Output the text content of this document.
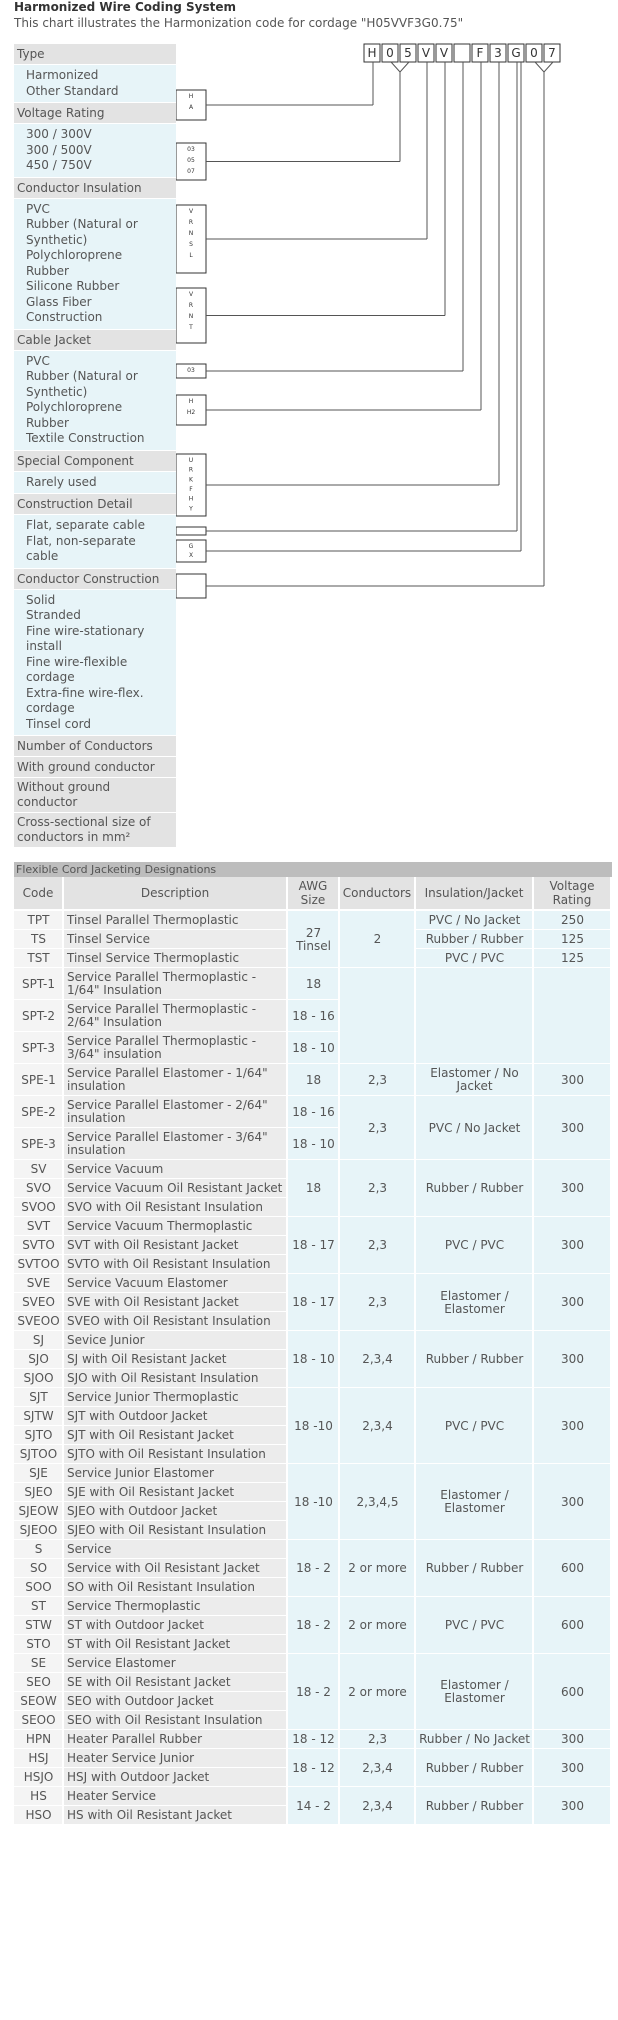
Harmonized Wire Coding System
This chart illustrates the Harmonization code for cordage "H05VVF3G0.75"
Type
Harmonized
Other Standard
Voltage Rating
300 / 300V
300 / 500V
450 / 750V
Conductor Insulation
PVC
Rubber (Natural or
Synthetic)
Polychloroprene
Rubber
Silicone Rubber
Glass Fiber
Construction
Cable Jacket
PVC
Rubber (Natural or
Synthetic)
Polychloroprene
Rubber
Textile Construction
Special Component
Rarely used
Construction Detail
Flat, separate cable
Flat, non-separate
cable
Conductor Construction
Solid
Stranded
Fine wire-stationary
install
Fine wire-flexible
cordage
Extra-fine wire-flex.
cordage
Tinsel cord
Number of Conductors
With ground conductor
Without ground conductor
Cross-sectional size of conductors in mm²
H 0 5 V V F 3 G 0 7
H
A
03
05
07
V
R
N
S
L
V
R
N
T
03
H
H2
U
R
K
F
H
Y
G
X
Flexible Cord Jacketing Designations
Code	Description	AWG Size	Conductors	Insulation/Jacket	Voltage Rating
TPT	Tinsel Parallel Thermoplastic	27 Tinsel	2	PVC / No Jacket	250
TS	Tinsel Service			Rubber / Rubber	125
TST	Tinsel Service Thermoplastic			PVC / PVC	125
SPT-1	Service Parallel Thermoplastic - 1/64" Insulation	18			
SPT-2	Service Parallel Thermoplastic - 2/64" Insulation	18 - 16			
SPT-3	Service Parallel Thermoplastic - 3/64" insulation	18 - 10			
SPE-1	Service Parallel Elastomer - 1/64" insulation	18	2,3	Elastomer / No Jacket	300
SPE-2	Service Parallel Elastomer - 2/64" insulation	18 - 16	2,3	PVC / No Jacket	300
SPE-3	Service Parallel Elastomer - 3/64" insulation	18 - 10			
SV	Service Vacuum	18	2,3	Rubber / Rubber	300
SVO	Service Vacuum Oil Resistant Jacket				
SVOO	SVO with Oil Resistant Insulation				
SVT	Service Vacuum Thermoplastic	18 - 17	2,3	PVC / PVC	300
SVTO	SVT with Oil Resistant Jacket				
SVTOO	SVTO with Oil Resistant Insulation				
SVE	Service Vacuum Elastomer	18 - 17	2,3	Elastomer / Elastomer	300
SVEO	SVE with Oil Resistant Jacket				
SVEOO	SVEO with Oil Resistant Insulation				
SJ	Sevice Junior	18 - 10	2,3,4	Rubber / Rubber	300
SJO	SJ with Oil Resistant Jacket				
SJOO	SJO with Oil Resistant Insulation				
SJT	Service Junior Thermoplastic	18 -10	2,3,4	PVC / PVC	300
SJTW	SJT with Outdoor Jacket				
SJTO	SJT with Oil Resistant Jacket				
SJTOO	SJTO with Oil Resistant Insulation				
SJE	Service Junior Elastomer	18 -10	2,3,4,5	Elastomer / Elastomer	300
SJEO	SJE with Oil Resistant Jacket				
SJEOW	SJEO with Outdoor Jacket				
SJEOO	SJEO with Oil Resistant Insulation				
S	Service	18 - 2	2 or more	Rubber / Rubber	600
SO	Service with Oil Resistant Jacket				
SOO	SO with Oil Resistant Insulation				
ST	Service Thermoplastic	18 - 2	2 or more	PVC / PVC	600
STW	ST with Outdoor Jacket				
STO	ST with Oil Resistant Jacket				
SE	Service Elastomer	18 - 2	2 or more	Elastomer / Elastomer	600
SEO	SE with Oil Resistant Jacket				
SEOW	SEO with Outdoor Jacket				
SEOO	SEO with Oil Resistant Insulation				
HPN	Heater Parallel Rubber	18 - 12	2,3	Rubber / No Jacket	300
HSJ	Heater Service Junior	18 - 12	2,3,4	Rubber / Rubber	300
HSJO	HSJ with Outdoor Jacket				
HS	Heater Service	14 - 2	2,3,4	Rubber / Rubber	300
HSO	HS with Oil Resistant Jacket				
